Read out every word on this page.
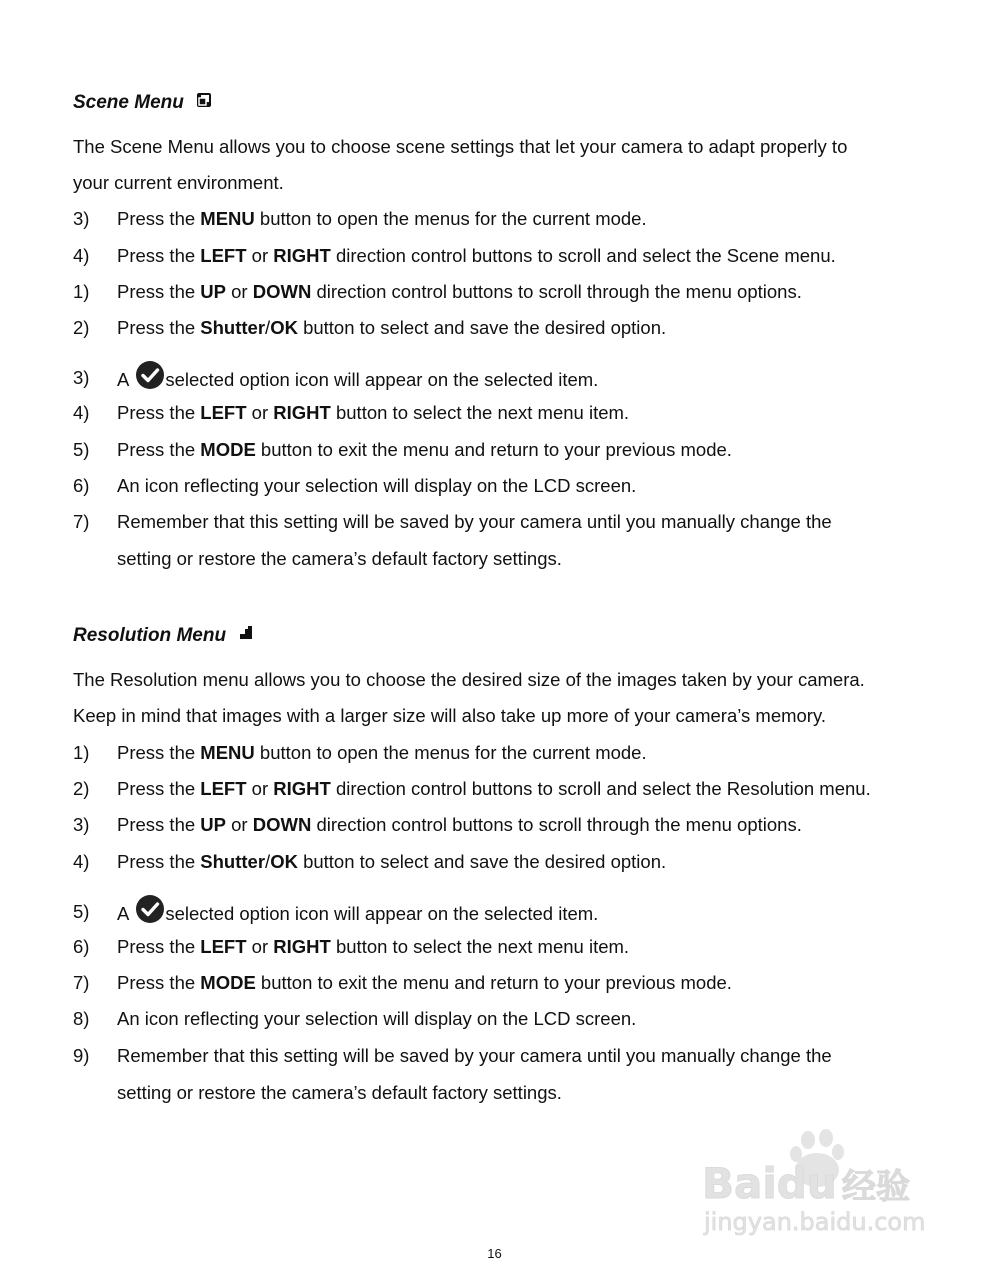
Scene Menu
The Scene Menu allows you to choose scene settings that let your camera to adapt properly to
your current environment.
3)	Press the MENU button to open the menus for the current mode.
4)	Press the LEFT or RIGHT direction control buttons to scroll and select the Scene menu.
1)	Press the UP or DOWN direction control buttons to scroll through the menu options.
2)	Press the Shutter/OK button to select and save the desired option.
3)	A selected option icon will appear on the selected item.
4)	Press the LEFT or RIGHT button to select the next menu item.
5)	Press the MODE button to exit the menu and return to your previous mode.
6)	An icon reflecting your selection will display on the LCD screen.
7)	Remember that this setting will be saved by your camera until you manually change the
setting or restore the camera’s default factory settings.
Resolution Menu
The Resolution menu allows you to choose the desired size of the images taken by your camera.
Keep in mind that images with a larger size will also take up more of your camera’s memory.
1)	Press the MENU button to open the menus for the current mode.
2)	Press the LEFT or RIGHT direction control buttons to scroll and select the Resolution menu.
3)	Press the UP or DOWN direction control buttons to scroll through the menu options.
4)	Press the Shutter/OK button to select and save the desired option.
5)	A selected option icon will appear on the selected item.
6)	Press the LEFT or RIGHT button to select the next menu item.
7)	Press the MODE button to exit the menu and return to your previous mode.
8)	An icon reflecting your selection will display on the LCD screen.
9)	Remember that this setting will be saved by your camera until you manually change the
setting or restore the camera’s default factory settings.
Baidu 经验
jingyan.baidu.com
16
